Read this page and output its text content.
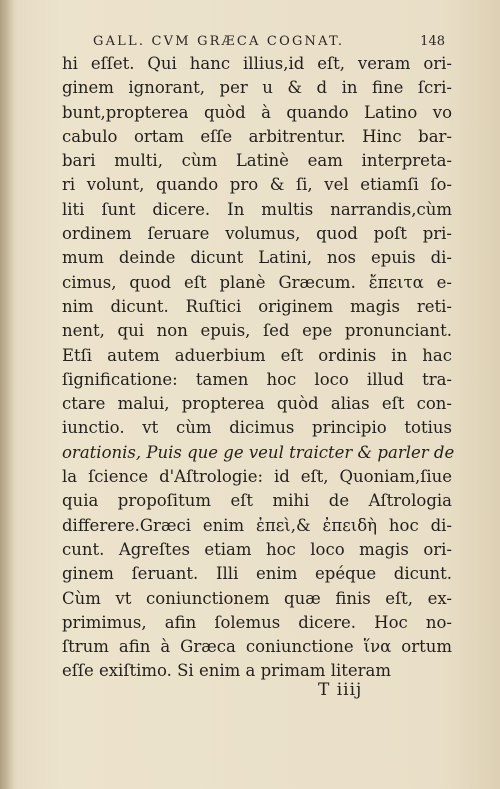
GALL. CVM GRÆCA COGNAT.	148
hi eſſet. Qui hanc illius,id eſt, veram ori-
ginem ignorant, per u & d in fine ſcri-
bunt,propterea quòd à quando Latino vo
cabulo ortam eſſe arbitrentur. Hinc bar-
bari multi, cùm Latinè eam interpreta-
ri volunt, quando pro & ſi, vel etiamſi ſo-
liti ſunt dicere. In multis narrandis,cùm
ordinem ſeruare volumus, quod poſt pri-
mum deinde dicunt Latini, nos epuis di-
cimus, quod eſt planè Græcum. ἔπειτα e-
nim dicunt. Ruſtici originem magis reti-
nent, qui non epuis, ſed epe pronunciant.
Etſi autem aduerbium eſt ordinis in hac
ſignificatione: tamen hoc loco illud tra-
ctare malui, propterea quòd alias eſt con-
iunctio. vt cùm dicimus principio totius
orationis, Puis que ge veul traicter & parler de
la ſcience d'Aſtrologie: id eſt, Quoniam,ſiue
quia propoſitum eſt mihi de Aſtrologia
differere.Græci enim ἐπεὶ,& ἐπειδὴ hoc di-
cunt. Agreſtes etiam hoc loco magis ori-
ginem ſeruant. Illi enim epéque dicunt.
Cùm vt coniunctionem quæ finis eſt, ex-
primimus, afin ſolemus dicere. Hoc no-
ſtrum afin à Græca coniunctione ἵνα ortum
eſſe exiſtimo. Si enim a primam literam
T iiij
